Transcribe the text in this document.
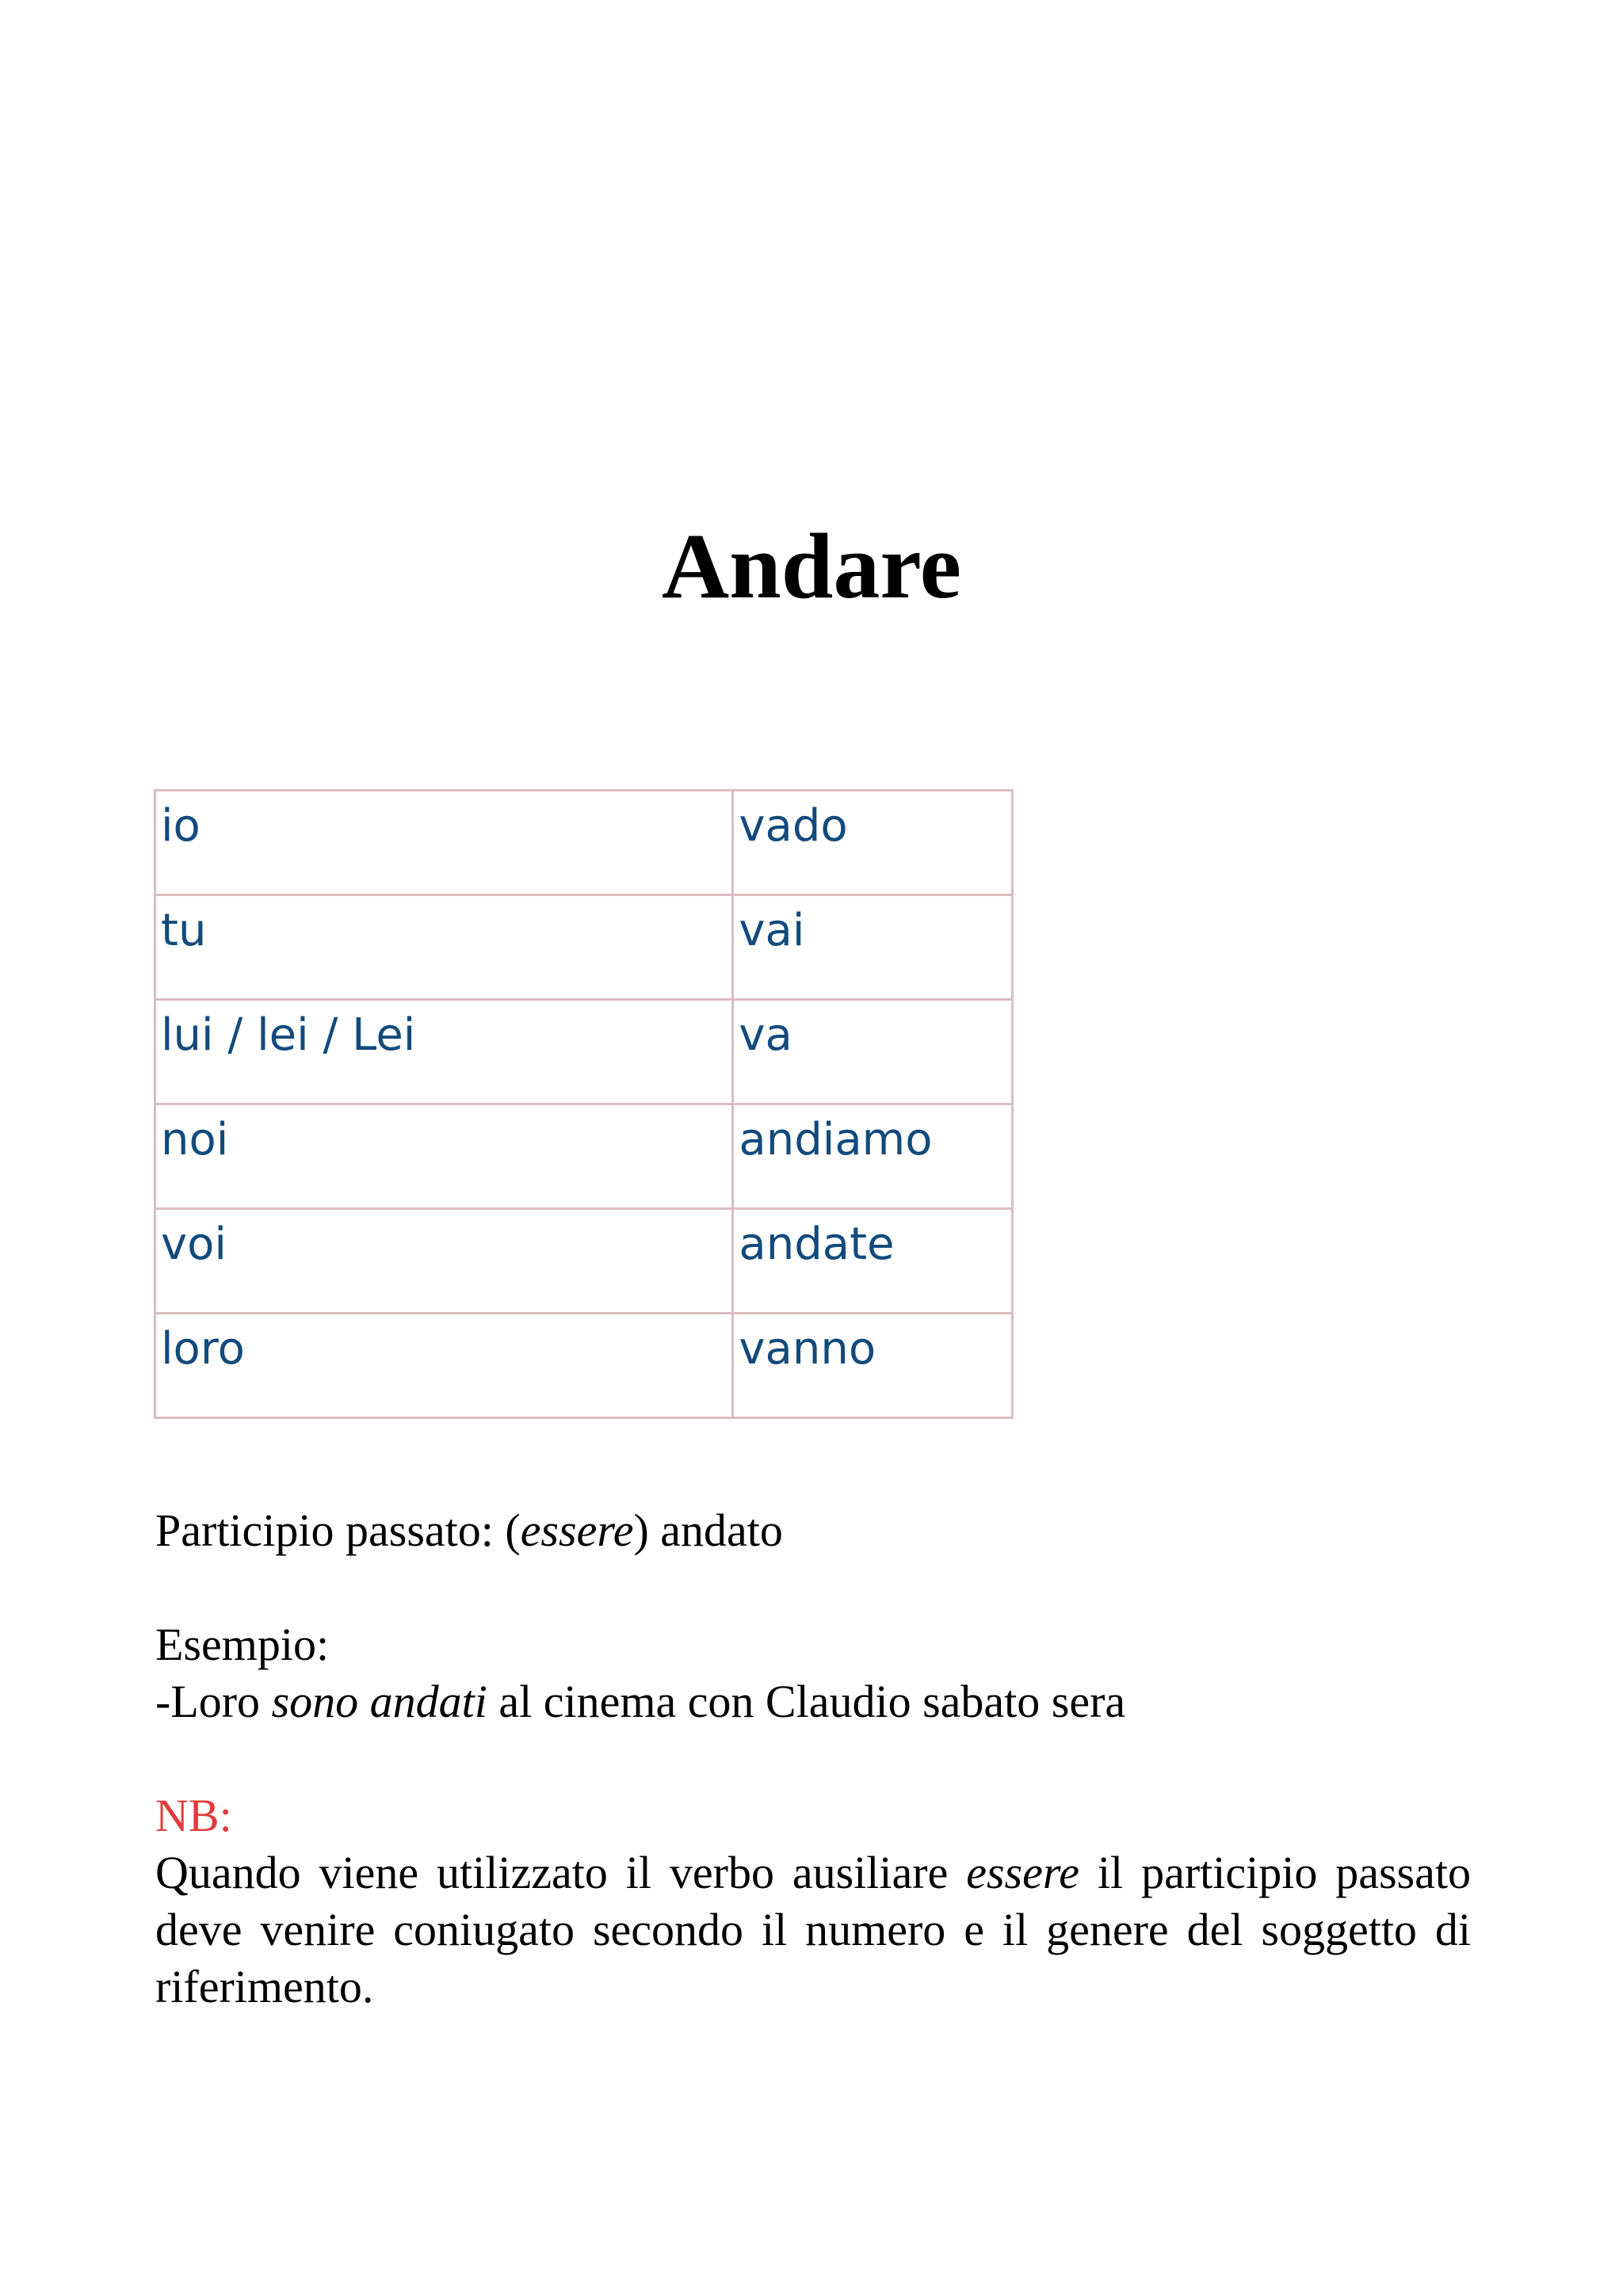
Andare
io	vado
tu	vai
lui / lei / Lei	va
noi	andiamo
voi	andate
loro	vanno

Participio passato: (essere) andato

Esempio:
-Loro sono andati al cinema con Claudio sabato sera
NB:
Quando viene utilizzato il verbo ausiliare essere il participio passato deve venire coniugato secondo il numero e il genere del soggetto di riferimento.
